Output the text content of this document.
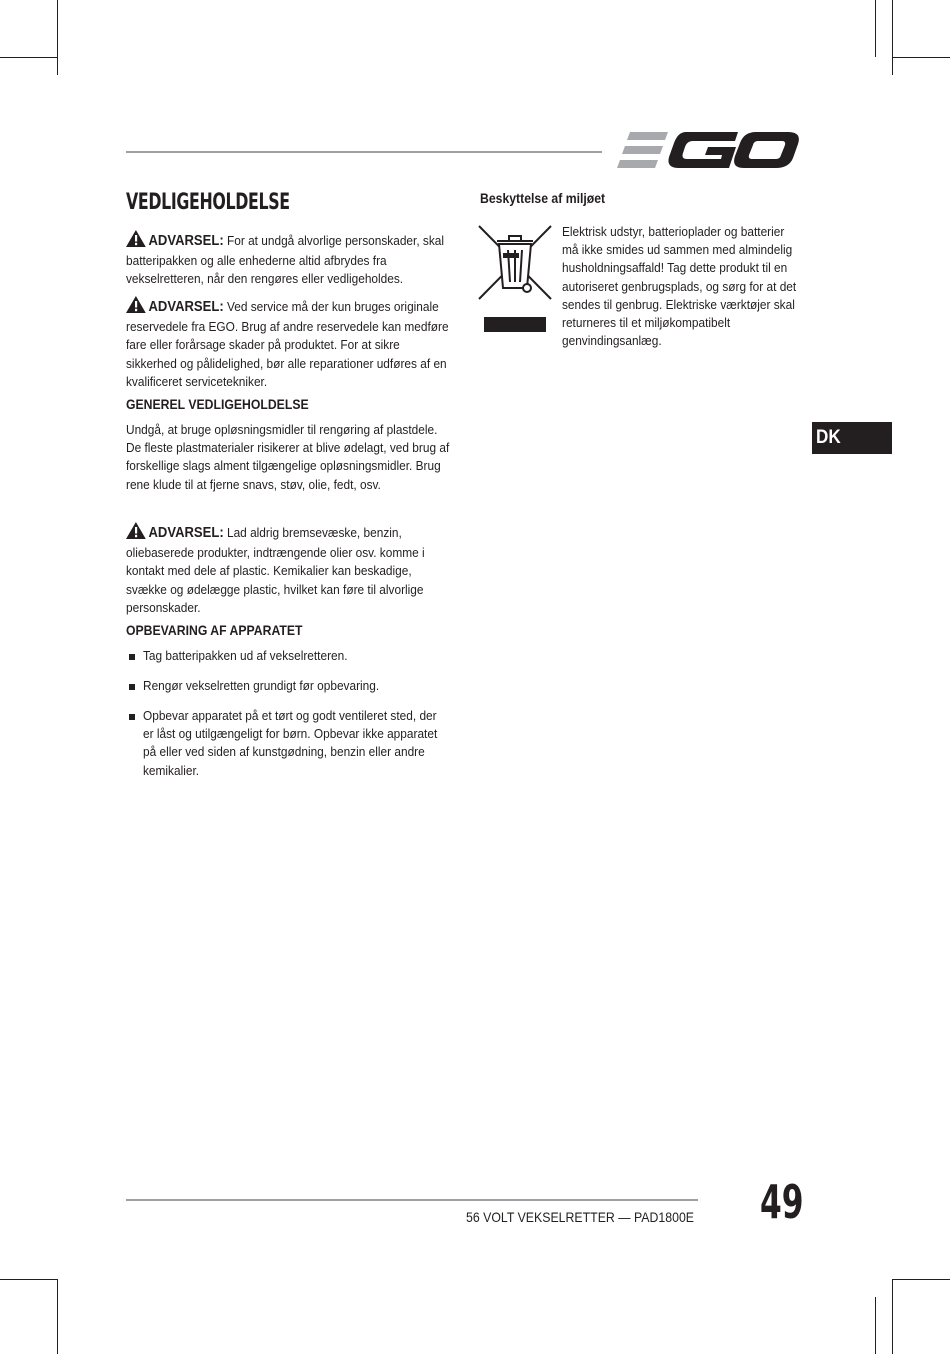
VEDLIGEHOLDELSE
ADVARSEL: For at undgå alvorlige personskader, skal batteripakken og alle enhederne altid afbrydes fra vekselretteren, når den rengøres eller vedligeholdes.
ADVARSEL: Ved service må der kun bruges originale reservedele fra EGO. Brug af andre reservedele kan medføre fare eller forårsage skader på produktet. For at sikre sikkerhed og pålidelighed, bør alle reparationer udføres af en kvalificeret servicetekniker.
GENEREL VEDLIGEHOLDELSE
Undgå, at bruge opløsningsmidler til rengøring af plastdele. De fleste plastmaterialer risikerer at blive ødelagt, ved brug af forskellige slags alment tilgængelige opløsningsmidler. Brug rene klude til at fjerne snavs, støv, olie, fedt, osv.
ADVARSEL: Lad aldrig bremsevæske, benzin, oliebaserede produkter, indtrængende olier osv. komme i kontakt med dele af plastic. Kemikalier kan beskadige, svække og ødelægge plastic, hvilket kan føre til alvorlige personskader.
OPBEVARING AF APPARATET
Tag batteripakken ud af vekselretteren.
Rengør vekselretten grundigt før opbevaring.
Opbevar apparatet på et tørt og godt ventileret sted, der er låst og utilgængeligt for børn. Opbevar ikke apparatet på eller ved siden af kunstgødning, benzin eller andre kemikalier.
Beskyttelse af miljøet
Elektrisk udstyr, batterioplader og batterier må ikke smides ud sammen med almindelig husholdningsaffald! Tag dette produkt til en autoriseret genbrugsplads, og sørg for at det sendes til genbrug. Elektriske værktøjer skal returneres til et miljøkompatibelt genvindingsanlæg.
DK
56 VOLT VEKSELRETTER — PAD1800E 49
